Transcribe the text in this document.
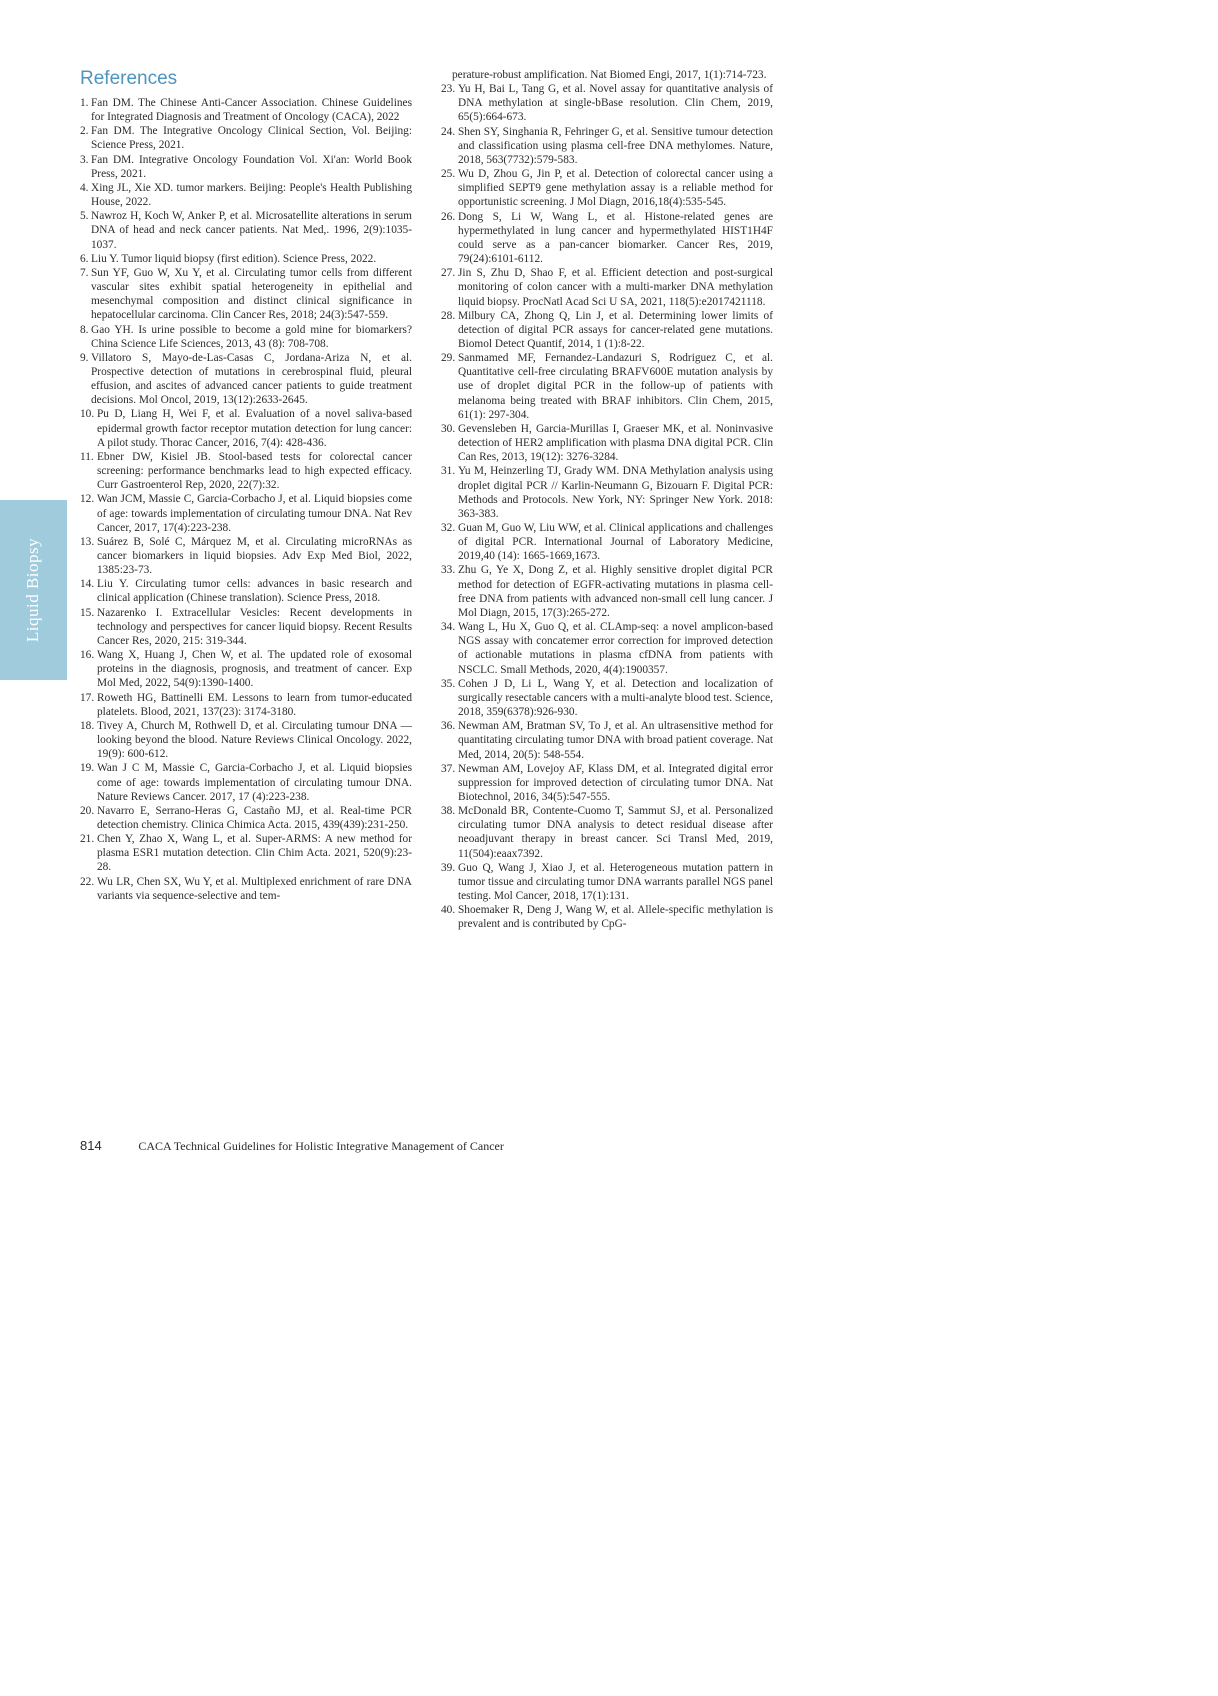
Liquid Biopsy
References
1. Fan DM. The Chinese Anti-Cancer Association. Chinese Guidelines for Integrated Diagnosis and Treatment of Oncology (CACA), 2022
2. Fan DM. The Integrative Oncology Clinical Section, Vol. Beijing: Science Press, 2021.
3. Fan DM. Integrative Oncology Foundation Vol. Xi'an: World Book Press, 2021.
4. Xing JL, Xie XD. tumor markers. Beijing: People's Health Publishing House, 2022.
5. Nawroz H, Koch W, Anker P, et al. Microsatellite alterations in serum DNA of head and neck cancer patients. Nat Med,. 1996, 2(9):1035-1037.
6. Liu Y. Tumor liquid biopsy (first edition). Science Press, 2022.
7. Sun YF, Guo W, Xu Y, et al. Circulating tumor cells from different vascular sites exhibit spatial heterogeneity in epithelial and mesenchymal composition and distinct clinical significance in hepatocellular carcinoma. Clin Cancer Res, 2018; 24(3):547-559.
8. Gao YH. Is urine possible to become a gold mine for biomarkers? China Science Life Sciences, 2013, 43 (8): 708-708.
9. Villatoro S, Mayo-de-Las-Casas C, Jordana-Ariza N, et al. Prospective detection of mutations in cerebrospinal fluid, pleural effusion, and ascites of advanced cancer patients to guide treatment decisions. Mol Oncol, 2019, 13(12):2633-2645.
10. Pu D, Liang H, Wei F, et al. Evaluation of a novel saliva-based epidermal growth factor receptor mutation detection for lung cancer: A pilot study. Thorac Cancer, 2016, 7(4): 428-436.
11. Ebner DW, Kisiel JB. Stool-based tests for colorectal cancer screening: performance benchmarks lead to high expected efficacy. Curr Gastroenterol Rep, 2020, 22(7):32.
12. Wan JCM, Massie C, Garcia-Corbacho J, et al. Liquid biopsies come of age: towards implementation of circulating tumour DNA. Nat Rev Cancer, 2017, 17(4):223-238.
13. Suárez B, Solé C, Márquez M, et al. Circulating microRNAs as cancer biomarkers in liquid biopsies. Adv Exp Med Biol, 2022, 1385:23-73.
14. Liu Y. Circulating tumor cells: advances in basic research and clinical application (Chinese translation). Science Press, 2018.
15. Nazarenko I. Extracellular Vesicles: Recent developments in technology and perspectives for cancer liquid biopsy. Recent Results Cancer Res, 2020, 215: 319-344.
16. Wang X, Huang J, Chen W, et al. The updated role of exosomal proteins in the diagnosis, prognosis, and treatment of cancer. Exp Mol Med, 2022, 54(9):1390-1400.
17. Roweth HG, Battinelli EM. Lessons to learn from tumor-educated platelets. Blood, 2021, 137(23): 3174-3180.
18. Tivey A, Church M, Rothwell D, et al. Circulating tumour DNA — looking beyond the blood. Nature Reviews Clinical Oncology. 2022, 19(9): 600-612.
19. Wan J C M, Massie C, Garcia-Corbacho J, et al. Liquid biopsies come of age: towards implementation of circulating tumour DNA. Nature Reviews Cancer. 2017, 17 (4):223-238.
20. Navarro E, Serrano-Heras G, Castaño MJ, et al. Real-time PCR detection chemistry. Clinica Chimica Acta. 2015, 439(439):231-250.
21. Chen Y, Zhao X, Wang L, et al. Super-ARMS: A new method for plasma ESR1 mutation detection. Clin Chim Acta. 2021, 520(9):23-28.
22. Wu LR, Chen SX, Wu Y, et al. Multiplexed enrichment of rare DNA variants via sequence-selective and tem-
perature-robust amplification. Nat Biomed Engi, 2017, 1(1):714-723.
23. Yu H, Bai L, Tang G, et al. Novel assay for quantitative analysis of DNA methylation at single-bBase resolution. Clin Chem, 2019, 65(5):664-673.
24. Shen SY, Singhania R, Fehringer G, et al. Sensitive tumour detection and classification using plasma cell-free DNA methylomes. Nature, 2018, 563(7732):579-583.
25. Wu D, Zhou G, Jin P, et al. Detection of colorectal cancer using a simplified SEPT9 gene methylation assay is a reliable method for opportunistic screening. J Mol Diagn, 2016,18(4):535-545.
26. Dong S, Li W, Wang L, et al. Histone-related genes are hypermethylated in lung cancer and hypermethylated HIST1H4F could serve as a pan-cancer biomarker. Cancer Res, 2019, 79(24):6101-6112.
27. Jin S, Zhu D, Shao F, et al. Efficient detection and post-surgical monitoring of colon cancer with a multi-marker DNA methylation liquid biopsy. ProcNatl Acad Sci U SA, 2021, 118(5):e2017421118.
28. Milbury CA, Zhong Q, Lin J, et al. Determining lower limits of detection of digital PCR assays for cancer-related gene mutations. Biomol Detect Quantif, 2014, 1 (1):8-22.
29. Sanmamed MF, Fernandez-Landazuri S, Rodriguez C, et al. Quantitative cell-free circulating BRAFV600E mutation analysis by use of droplet digital PCR in the follow-up of patients with melanoma being treated with BRAF inhibitors. Clin Chem, 2015, 61(1): 297-304.
30. Gevensleben H, Garcia-Murillas I, Graeser MK, et al. Noninvasive detection of HER2 amplification with plasma DNA digital PCR. Clin Can Res, 2013, 19(12): 3276-3284.
31. Yu M, Heinzerling TJ, Grady WM. DNA Methylation analysis using droplet digital PCR // Karlin-Neumann G, Bizouarn F. Digital PCR: Methods and Protocols. New York, NY: Springer New York. 2018: 363-383.
32. Guan M, Guo W, Liu WW, et al. Clinical applications and challenges of digital PCR. International Journal of Laboratory Medicine, 2019,40 (14): 1665-1669,1673.
33. Zhu G, Ye X, Dong Z, et al. Highly sensitive droplet digital PCR method for detection of EGFR-activating mutations in plasma cell-free DNA from patients with advanced non-small cell lung cancer. J Mol Diagn, 2015, 17(3):265-272.
34. Wang L, Hu X, Guo Q, et al. CLAmp-seq: a novel amplicon-based NGS assay with concatemer error correction for improved detection of actionable mutations in plasma cfDNA from patients with NSCLC. Small Methods, 2020, 4(4):1900357.
35. Cohen J D, Li L, Wang Y, et al. Detection and localization of surgically resectable cancers with a multi-analyte blood test. Science, 2018, 359(6378):926-930.
36. Newman AM, Bratman SV, To J, et al. An ultrasensitive method for quantitating circulating tumor DNA with broad patient coverage. Nat Med, 2014, 20(5): 548-554.
37. Newman AM, Lovejoy AF, Klass DM, et al. Integrated digital error suppression for improved detection of circulating tumor DNA. Nat Biotechnol, 2016, 34(5):547-555.
38. McDonald BR, Contente-Cuomo T, Sammut SJ, et al. Personalized circulating tumor DNA analysis to detect residual disease after neoadjuvant therapy in breast cancer. Sci Transl Med, 2019, 11(504):eaax7392.
39. Guo Q, Wang J, Xiao J, et al. Heterogeneous mutation pattern in tumor tissue and circulating tumor DNA warrants parallel NGS panel testing. Mol Cancer, 2018, 17(1):131.
40. Shoemaker R, Deng J, Wang W, et al. Allele-specific methylation is prevalent and is contributed by CpG-
814	CACA Technical Guidelines for Holistic Integrative Management of Cancer
